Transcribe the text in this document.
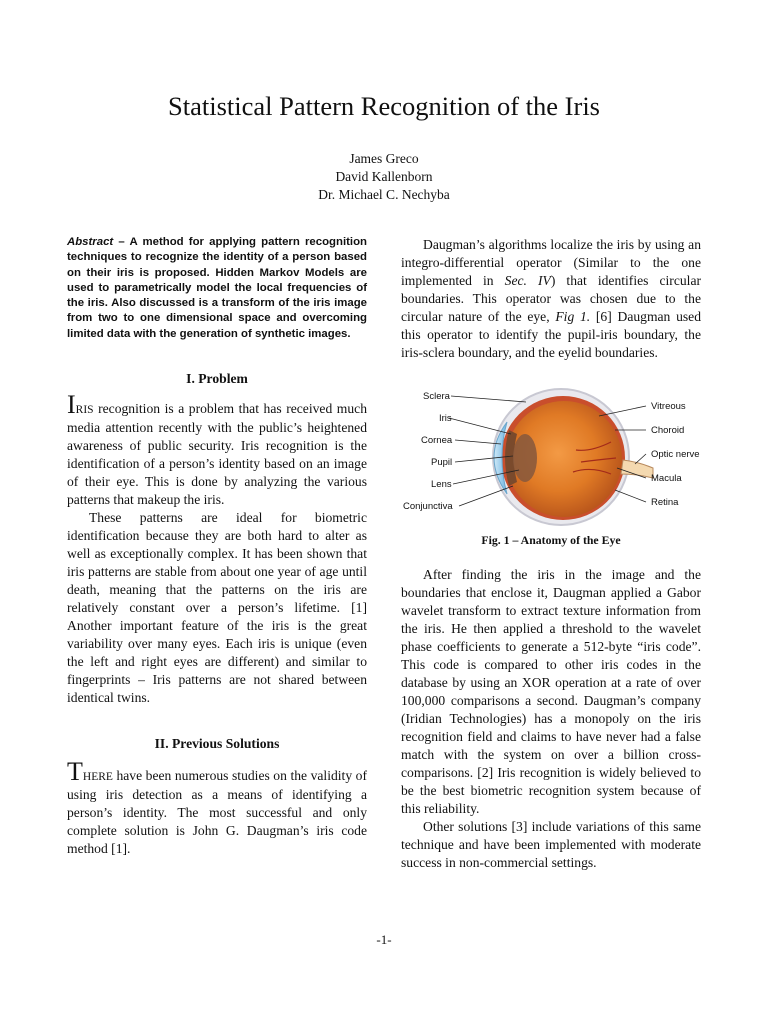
Statistical Pattern Recognition of the Iris
James Greco
David Kallenborn
Dr. Michael C. Nechyba

Abstract – A method for applying pattern recognition techniques to recognize the identity of a person based on their iris is proposed. Hidden Markov Models are used to parametrically model the local frequencies of the iris. Also discussed is a transform of the iris image from two to one dimensional space and overcoming limited data with the generation of synthetic images.

I. Problem

IRIS recognition is a problem that has received much media attention recently with the public’s heightened awareness of public security. Iris recognition is the identification of a person’s identity based on an image of their eye. This is done by analyzing the various patterns that makeup the iris.

These patterns are ideal for biometric identification because they are both hard to alter as well as exceptionally complex. It has been shown that iris patterns are stable from about one year of age until death, meaning that the patterns on the iris are relatively constant over a person’s lifetime. [1] Another important feature of the iris is the great variability over many eyes. Each iris is unique (even the left and right eyes are different) and similar to fingerprints – Iris patterns are not shared between identical twins.

II. Previous Solutions

THERE have been numerous studies on the validity of using iris detection as a means of identifying a person’s identity. The most successful and only complete solution is John G. Daugman’s iris code method [1].

Daugman’s algorithms localize the iris by using an integro-differential operator (Similar to the one implemented in Sec. IV) that identifies circular boundaries. This operator was chosen due to the circular nature of the eye, Fig 1. [6] Daugman used this operator to identify the pupil-iris boundary, the iris-sclera boundary, and the eyelid boundaries.

Sclera
Iris
Cornea
Pupil
Lens
Conjunctiva
Vitreous
Choroid
Optic nerve
Macula
Retina

Fig. 1 – Anatomy of the Eye

After finding the iris in the image and the boundaries that enclose it, Daugman applied a Gabor wavelet transform to extract texture information from the iris. He then applied a threshold to the wavelet phase coefficients to generate a 512-byte “iris code”. This code is compared to other iris codes in the database by using an XOR operation at a rate of over 100,000 comparisons a second. Daugman’s company (Iridian Technologies) has a monopoly on the iris recognition field and claims to have never had a false match with the system on over a billion cross-comparisons. [2] Iris recognition is widely believed to be the best biometric recognition system because of this reliability.

Other solutions [3] include variations of this same technique and have been implemented with moderate success in non-commercial settings.

-1-
